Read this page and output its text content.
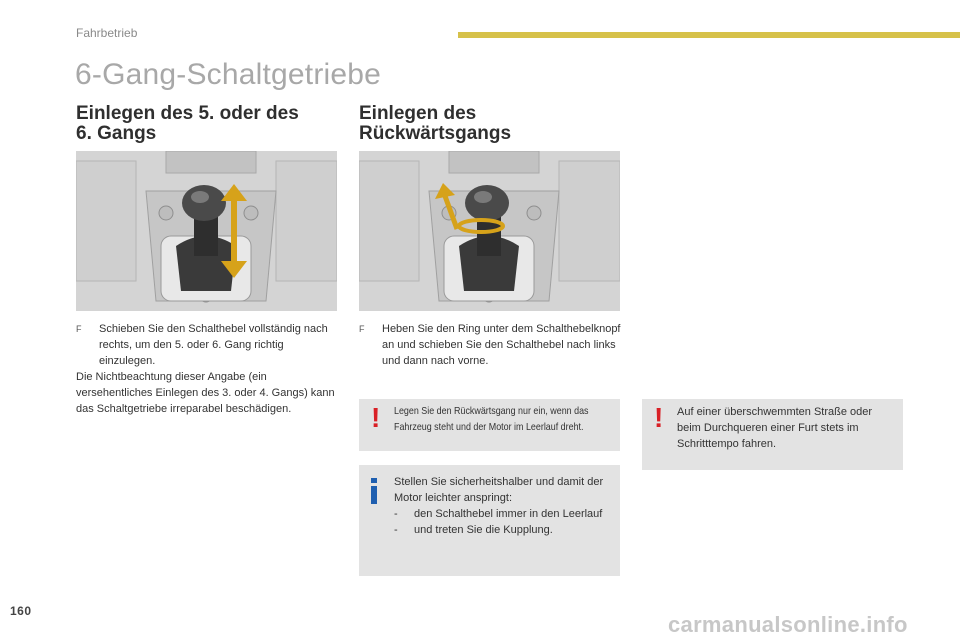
Fahrbetrieb
6-Gang-Schaltgetriebe
Einlegen des 5. oder des
6. Gangs
Einlegen des
Rückwärtsgangs
F	Schieben Sie den Schalthebel vollständig nach rechts, um den 5. oder 6. Gang richtig einzulegen.
Die Nichtbeachtung dieser Angabe (ein versehentliches Einlegen des 3. oder 4. Gangs) kann das Schaltgetriebe irreparabel beschädigen.
F	Heben Sie den Ring unter dem Schalthebelknopf an und schieben Sie den Schalthebel nach links und dann nach vorne.
! Legen Sie den Rückwärtsgang nur ein, wenn das Fahrzeug steht und der Motor im Leerlauf dreht.	! Auf einer überschwemmten Straße oder beim Durchqueren einer Furt stets im Schritttempo fahren.
Stellen Sie sicherheitshalber und damit der Motor leichter anspringt:
- den Schalthebel immer in den Leerlauf
- und treten Sie die Kupplung.
160
carmanualsonline.info
